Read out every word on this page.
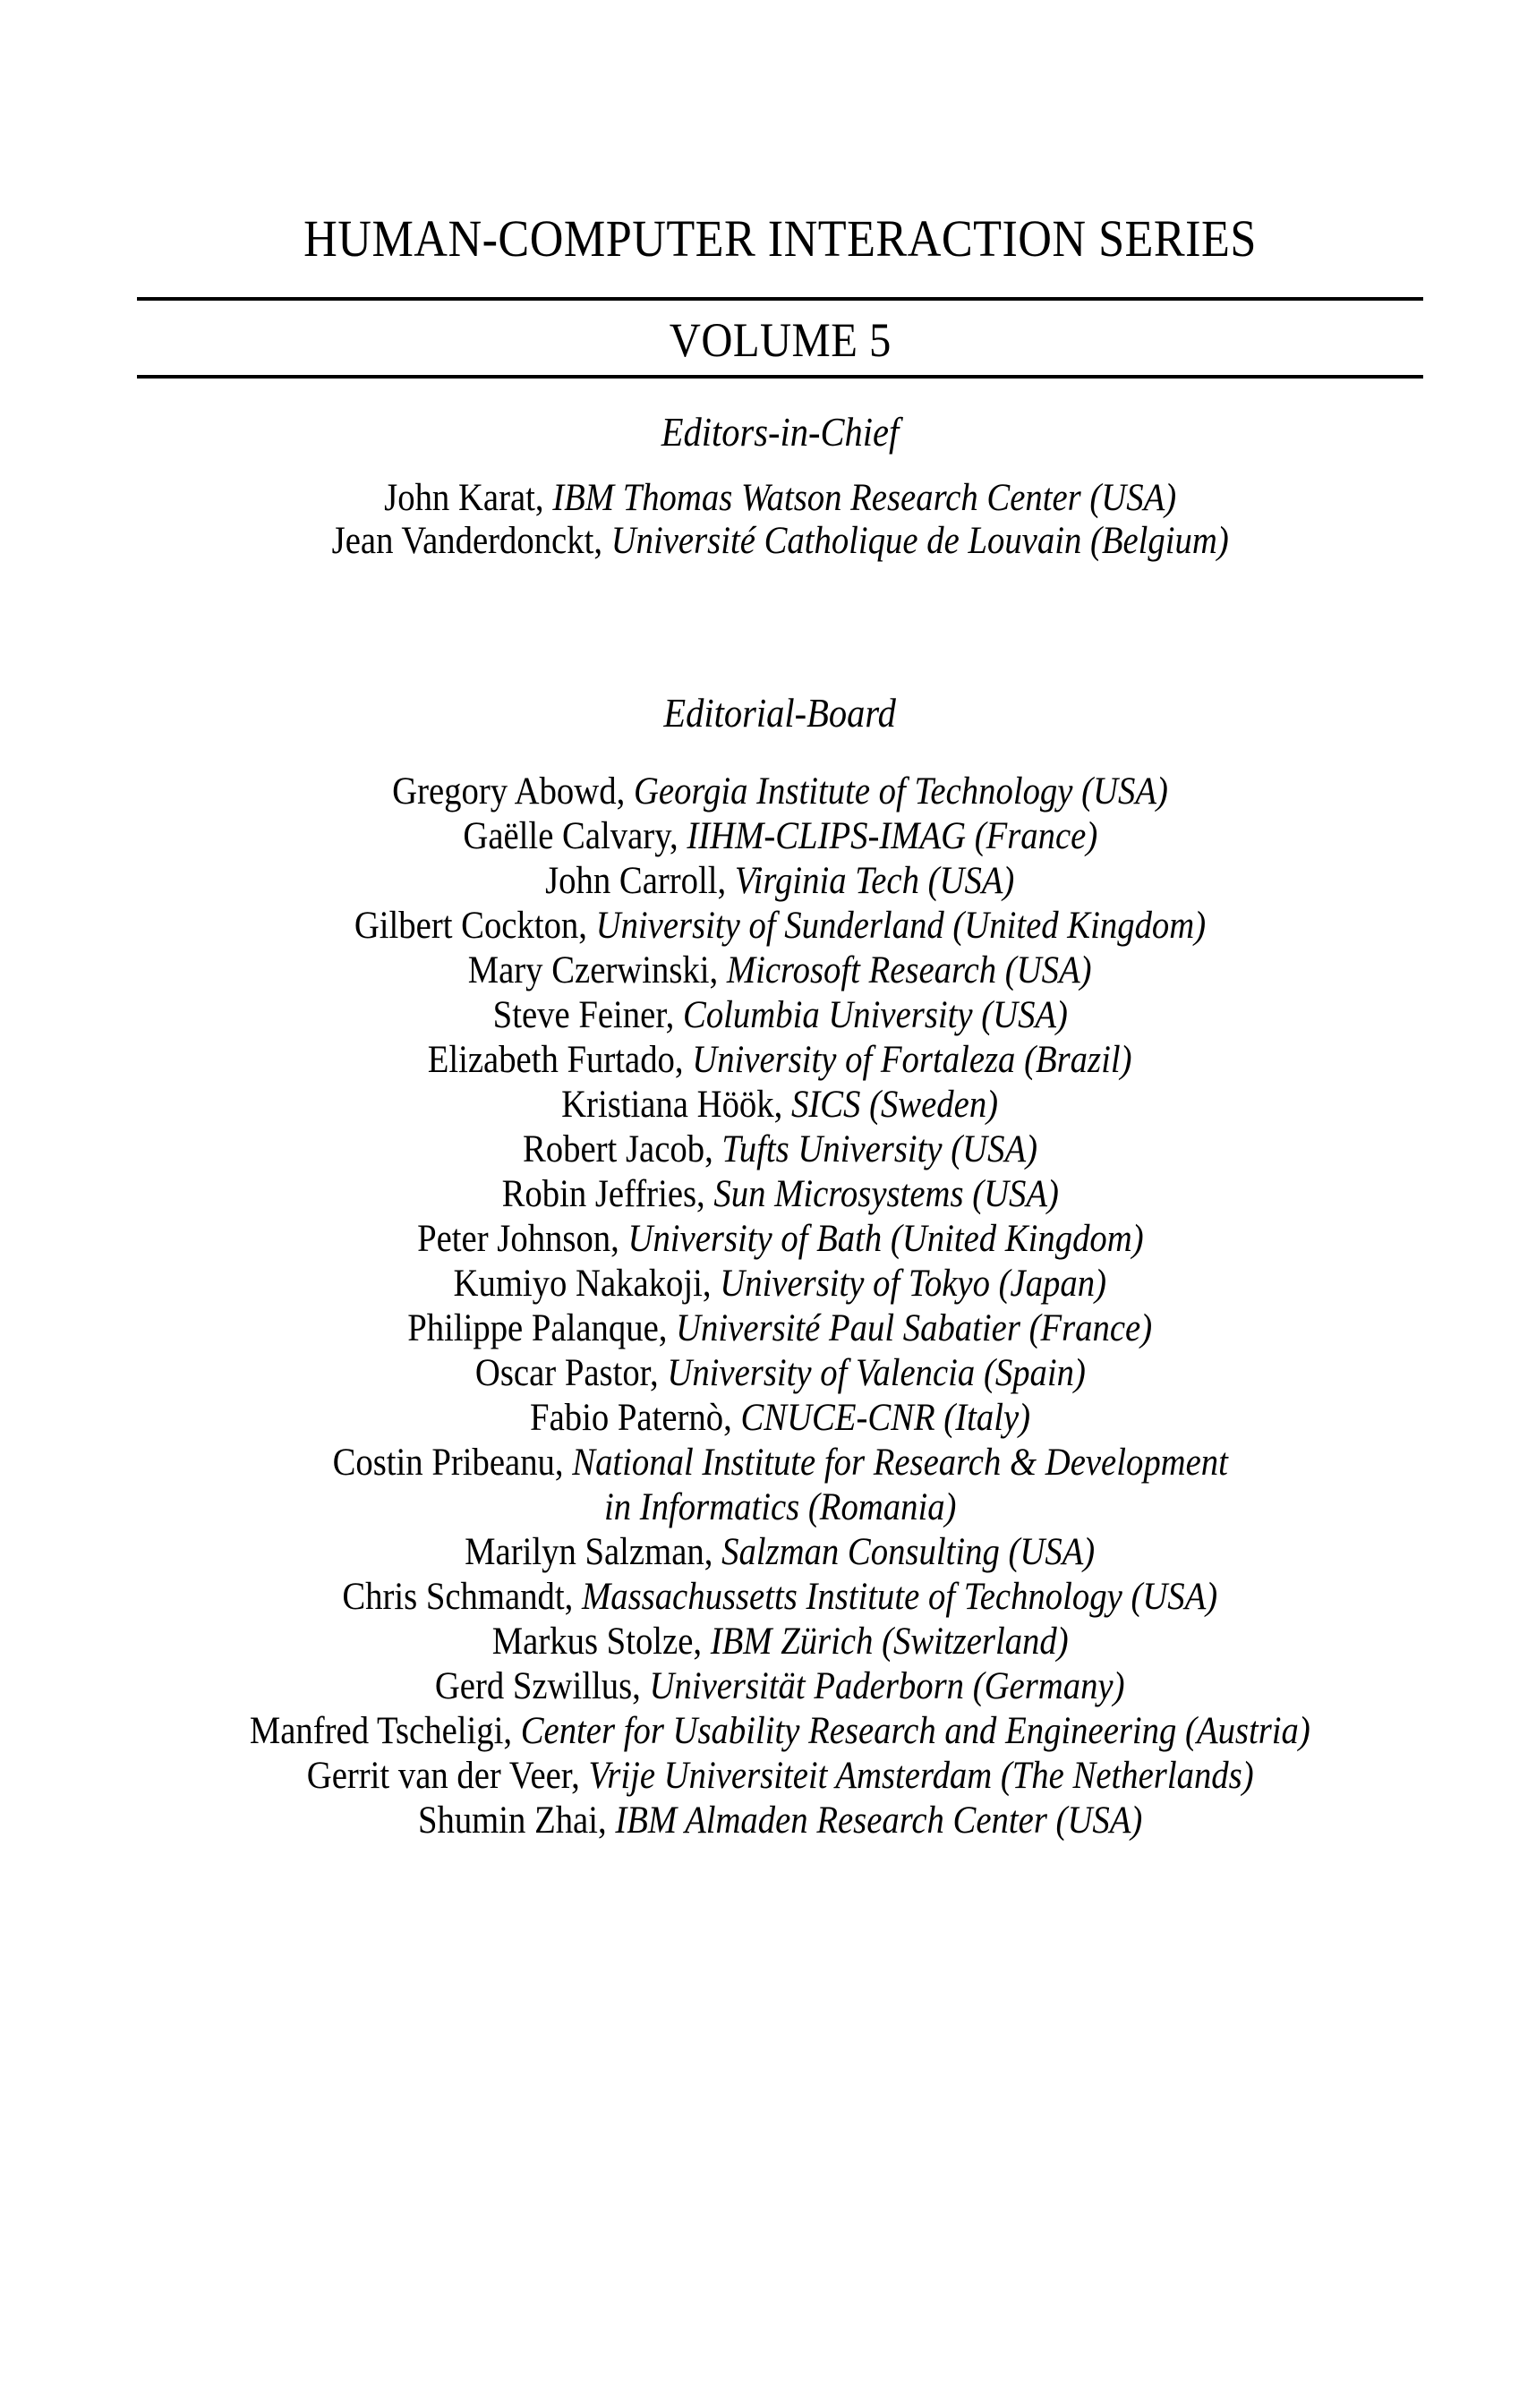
HUMAN-COMPUTER INTERACTION SERIES
VOLUME 5
Editors-in-Chief
John Karat, IBM Thomas Watson Research Center (USA)
Jean Vanderdonckt, Université Catholique de Louvain (Belgium)
Editorial-Board
Gregory Abowd, Georgia Institute of Technology (USA)
Gaëlle Calvary, IIHM-CLIPS-IMAG (France)
John Carroll, Virginia Tech (USA)
Gilbert Cockton, University of Sunderland (United Kingdom)
Mary Czerwinski, Microsoft Research (USA)
Steve Feiner, Columbia University (USA)
Elizabeth Furtado, University of Fortaleza (Brazil)
Kristiana Höök, SICS (Sweden)
Robert Jacob, Tufts University (USA)
Robin Jeffries, Sun Microsystems (USA)
Peter Johnson, University of Bath (United Kingdom)
Kumiyo Nakakoji, University of Tokyo (Japan)
Philippe Palanque, Université Paul Sabatier (France)
Oscar Pastor, University of Valencia (Spain)
Fabio Paternò, CNUCE-CNR (Italy)
Costin Pribeanu, National Institute for Research & Development
in Informatics (Romania)
Marilyn Salzman, Salzman Consulting (USA)
Chris Schmandt, Massachussetts Institute of Technology (USA)
Markus Stolze, IBM Zürich (Switzerland)
Gerd Szwillus, Universität Paderborn (Germany)
Manfred Tscheligi, Center for Usability Research and Engineering (Austria)
Gerrit van der Veer, Vrije Universiteit Amsterdam (The Netherlands)
Shumin Zhai, IBM Almaden Research Center (USA)
